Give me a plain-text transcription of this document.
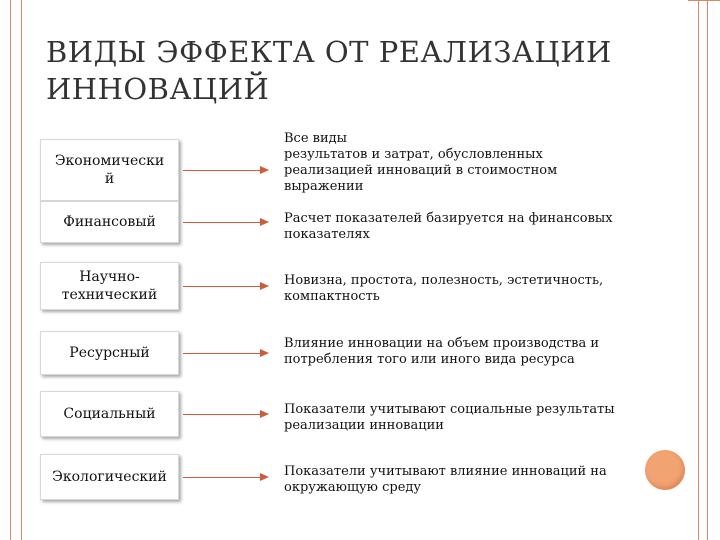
ВИДЫ ЭФФЕКТА ОТ РЕАЛИЗАЦИИ ИННОВАЦИЙ
Экономически
й
Финансовый
Научно-
технический
Ресурсный
Социальный
Экологический
Все виды
результатов и затрат, обусловленных
реализацией инноваций в стоимостном
выражении
Расчет показателей базируется на финансовых
показателях
Новизна, простота, полезность, эстетичность,
компактность
Влияние инновации на объем производства и
потребления того или иного вида ресурса
Показатели учитывают социальные результаты
реализации инновации
Показатели учитывают влияние инноваций на
окружающую среду
